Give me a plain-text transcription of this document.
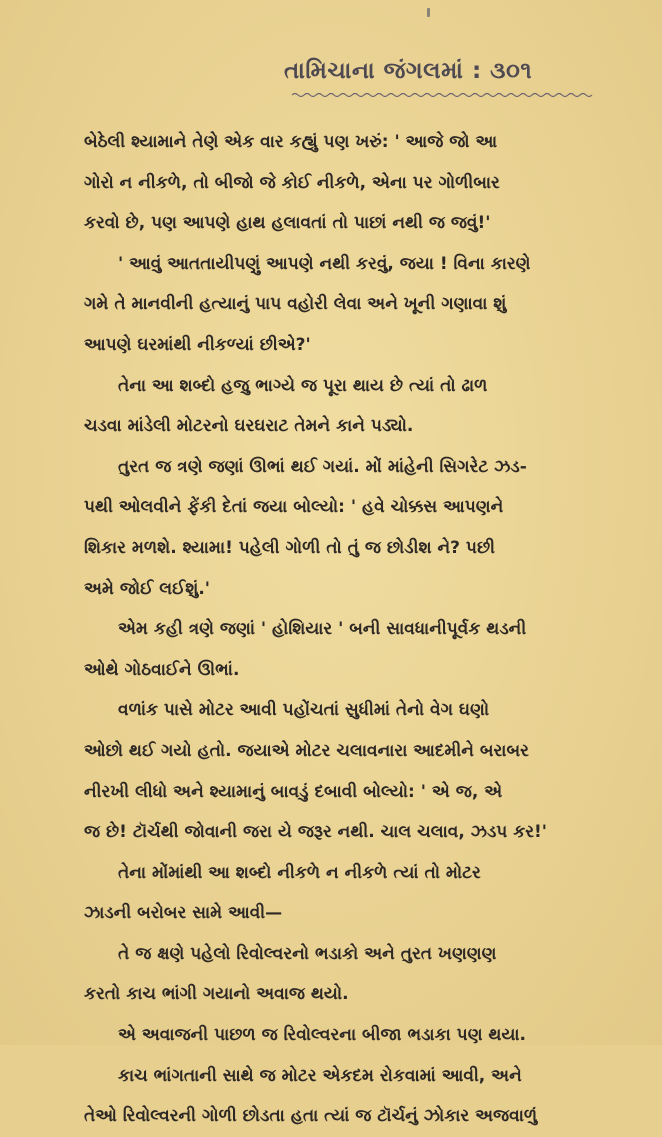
તામિચાના જંગલમાં : ૩૦૧
બેઠેલી શ્યામાને તેણે એક વાર કહ્યું પણ ખરું: ' આજે જો આ
ગોરો ન નીકળે, તો બીજો જે કોઈ નીકળે, એના પર ગોળીબાર
કરવો છે, પણ આપણે હાથ હલાવતાં તો પાછાં નથી જ જવું!'
' આવું આતતાયીપણું આપણે નથી કરવું, જયા ! વિના કારણે
ગમે તે માનવીની હત્યાનું પાપ વહોરી લેવા અને ખૂની ગણાવા શું
આપણે ઘરમાંથી નીકળ્યાં છીએ?'
તેના આ શબ્દો હજુ ભાગ્યે જ પૂરા થાય છે ત્યાં તો ઢાળ
ચડવા માંડેલી મોટરનો ઘરઘરાટ તેમને કાને પડ્યો.
તુરત જ ત્રણે જણાં ઊભાં થઈ ગયાં. મોં માંહેની સિગરેટ ઝડ-
પથી ઓલવીને ફેંકી દેતાં જયા બોલ્યો: ' હવે ચોક્કસ આપણને
શિકાર મળશે. શ્યામા! પહેલી ગોળી તો તું જ છોડીશ ને? પછી
અમે જોઈ લઈશું.'
એમ કહી ત્રણે જણાં ' હોશિયાર ' બની સાવધાનીપૂર્વક થડની
ઓથે ગોઠવાઈને ઊભાં.
વળાંક પાસે મોટર આવી પહોંચતાં સુધીમાં તેનો વેગ ઘણો
ઓછો થઈ ગયો હતો. જયાએ મોટર ચલાવનારા આદમીને બરાબર
નીરખી લીધો અને શ્યામાનું બાવડું દબાવી બોલ્યો: ' એ જ, એ
જ છે! ટૉર્ચથી જોવાની જરા યે જરૂર નથી. ચાલ ચલાવ, ઝડપ કર!'
તેના મોંમાંથી આ શબ્દો નીકળે ન નીકળે ત્યાં તો મોટર
ઝાડની બરોબર સામે આવી—
તે જ ક્ષણે પહેલો રિવોલ્વરનો ભડાકો અને તુરત ખણણણ
કરતો કાચ ભાંગી ગયાનો અવાજ થયો.
એ અવાજની પાછળ જ રિવોલ્વરના બીજા ભડાકા પણ થયા.
કાચ ભાંગતાની સાથે જ મોટર એકદમ રોકવામાં આવી, અને
તેઓ રિવોલ્વરની ગોળી છોડતા હતા ત્યાં જ ટૉર્ચનું ઝોકાર અજવાળું
